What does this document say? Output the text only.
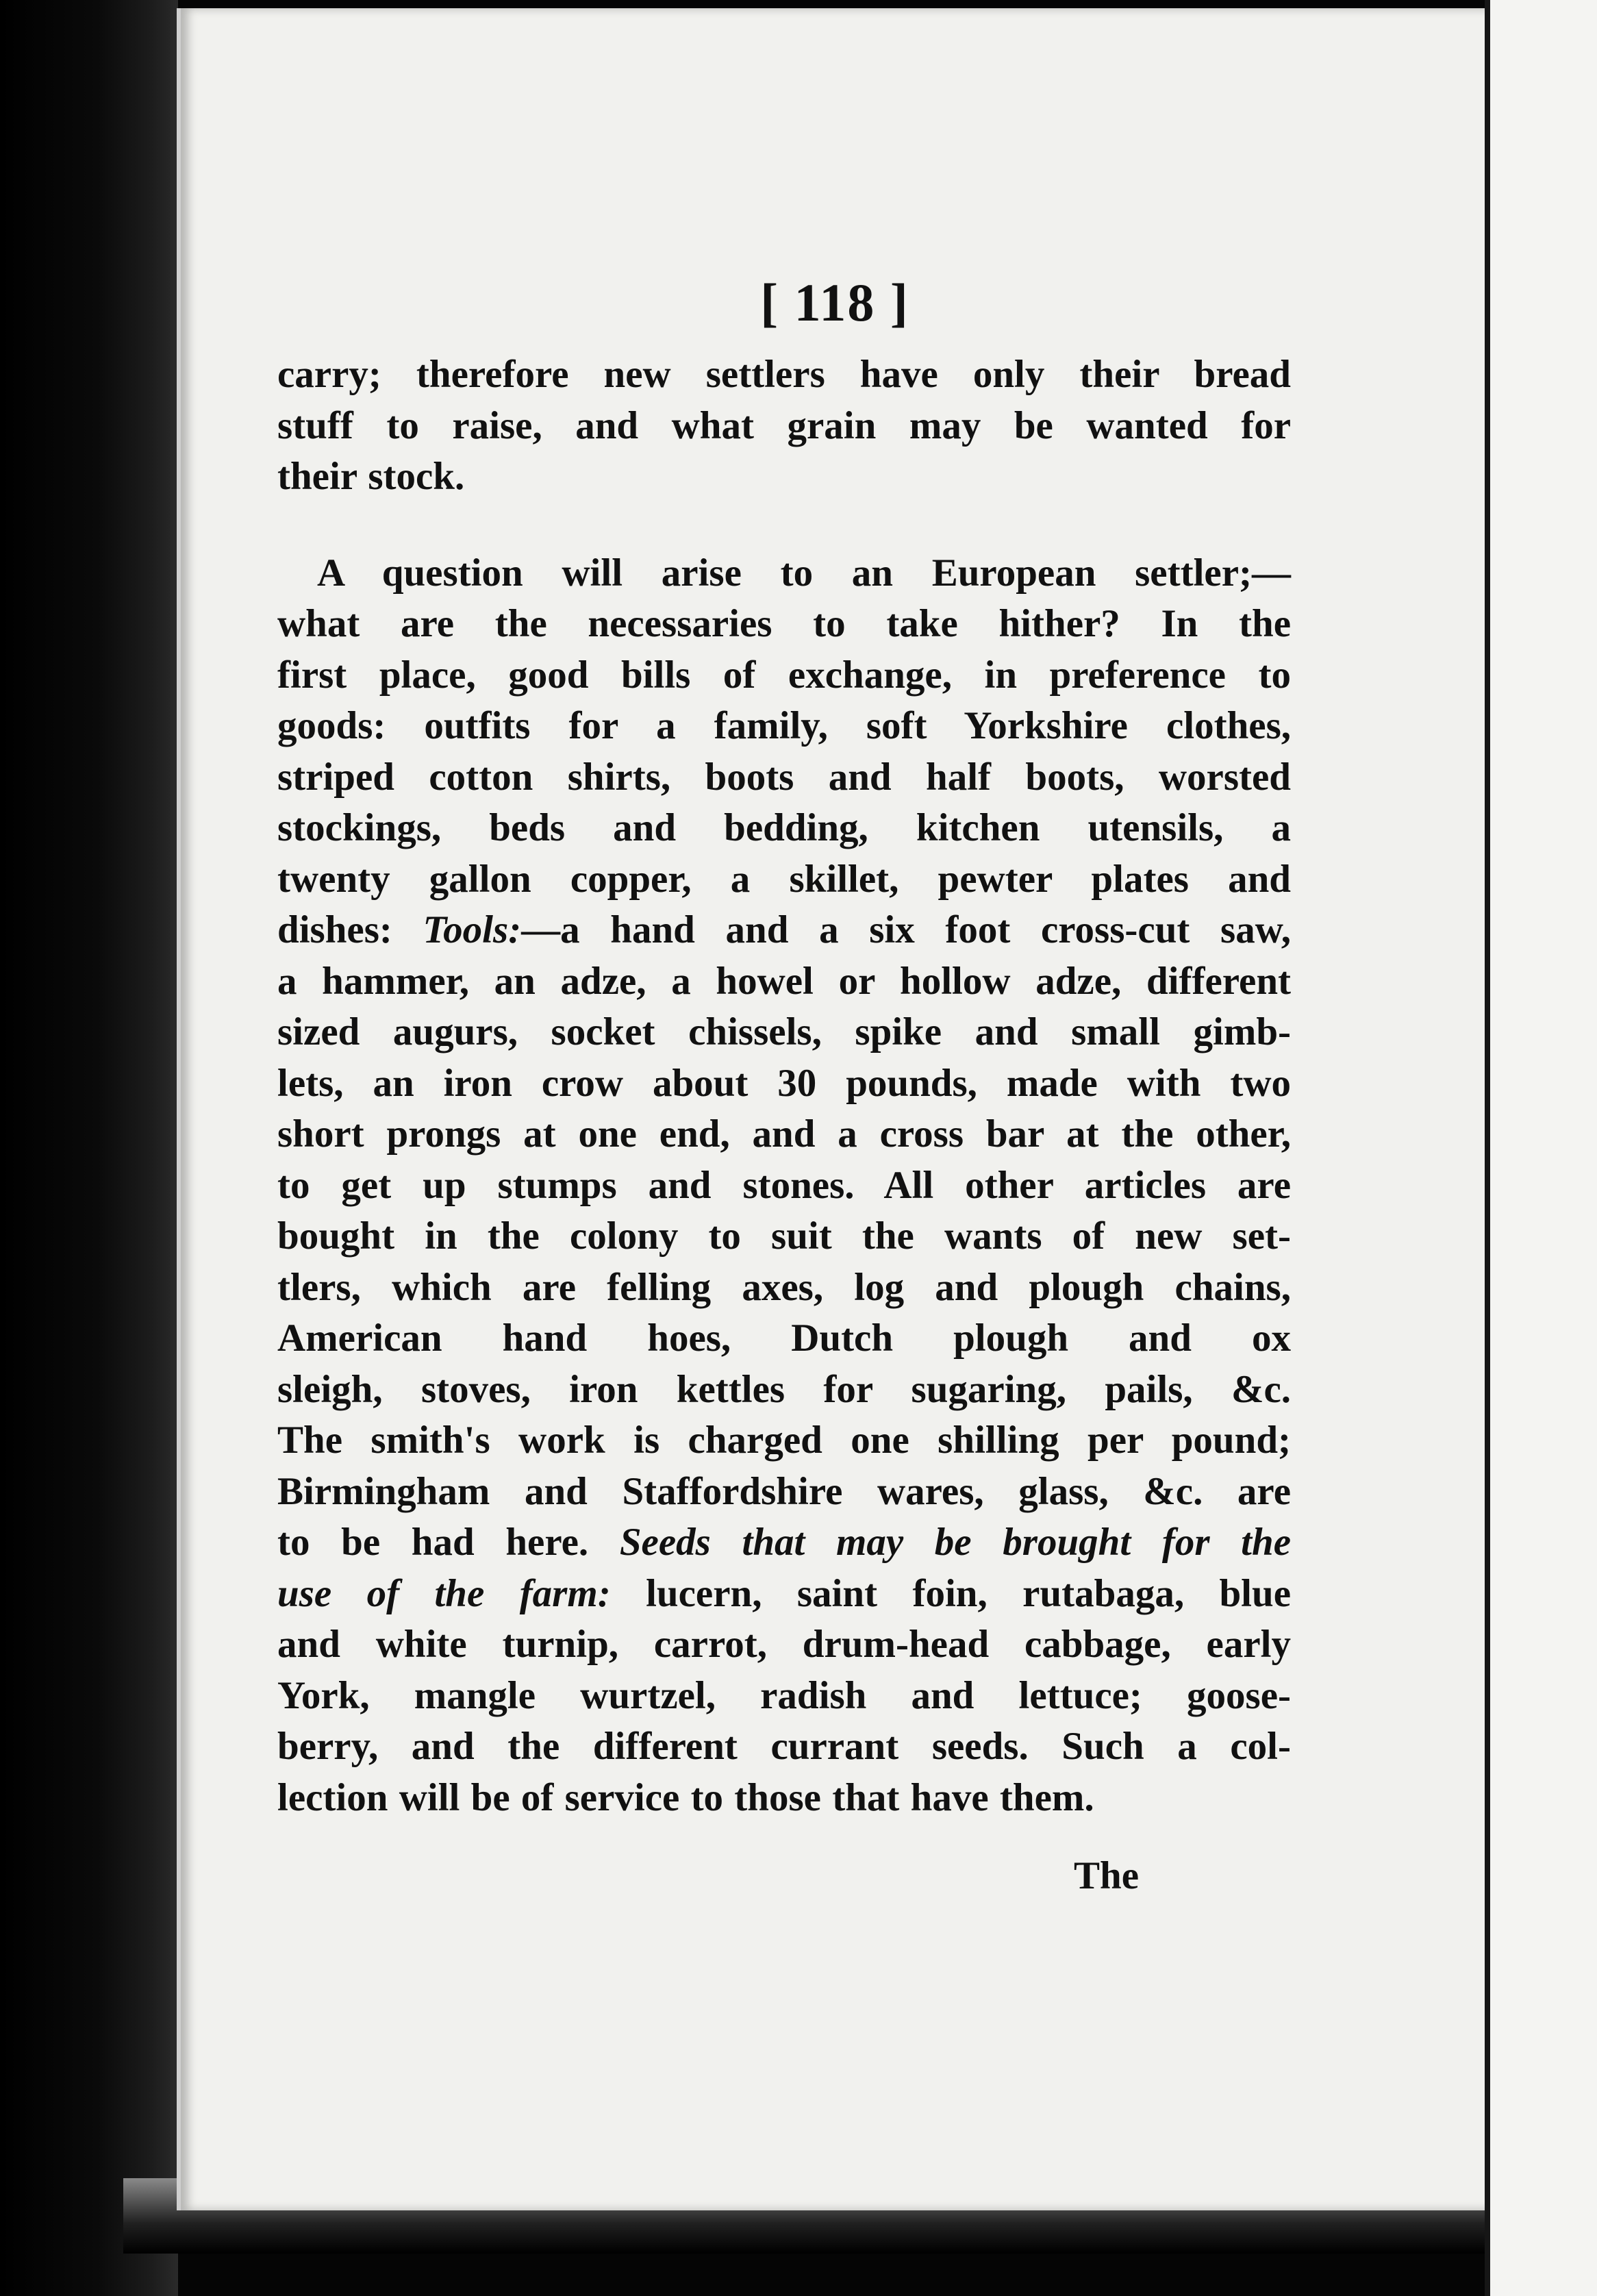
[ 118 ]
carry; therefore new settlers have only their bread
stuff to raise, and what grain may be wanted for
their stock.
A question will arise to an European settler;—
what are the necessaries to take hither? In the
first place, good bills of exchange, in preference to
goods: outfits for a family, soft Yorkshire clothes,
striped cotton shirts, boots and half boots, worsted
stockings, beds and bedding, kitchen utensils, a
twenty gallon copper, a skillet, pewter plates and
dishes: Tools:—a hand and a six foot cross-cut saw,
a hammer, an adze, a howel or hollow adze, different
sized augurs, socket chissels, spike and small gimb-
lets, an iron crow about 30 pounds, made with two
short prongs at one end, and a cross bar at the other,
to get up stumps and stones. All other articles are
bought in the colony to suit the wants of new set-
tlers, which are felling axes, log and plough chains,
American hand hoes, Dutch plough and ox
sleigh, stoves, iron kettles for sugaring, pails, &c.
The smith's work is charged one shilling per pound;
Birmingham and Staffordshire wares, glass, &c. are
to be had here. Seeds that may be brought for the
use of the farm: lucern, saint foin, rutabaga, blue
and white turnip, carrot, drum-head cabbage, early
York, mangle wurtzel, radish and lettuce; goose-
berry, and the different currant seeds. Such a col-
lection will be of service to those that have them.
The
